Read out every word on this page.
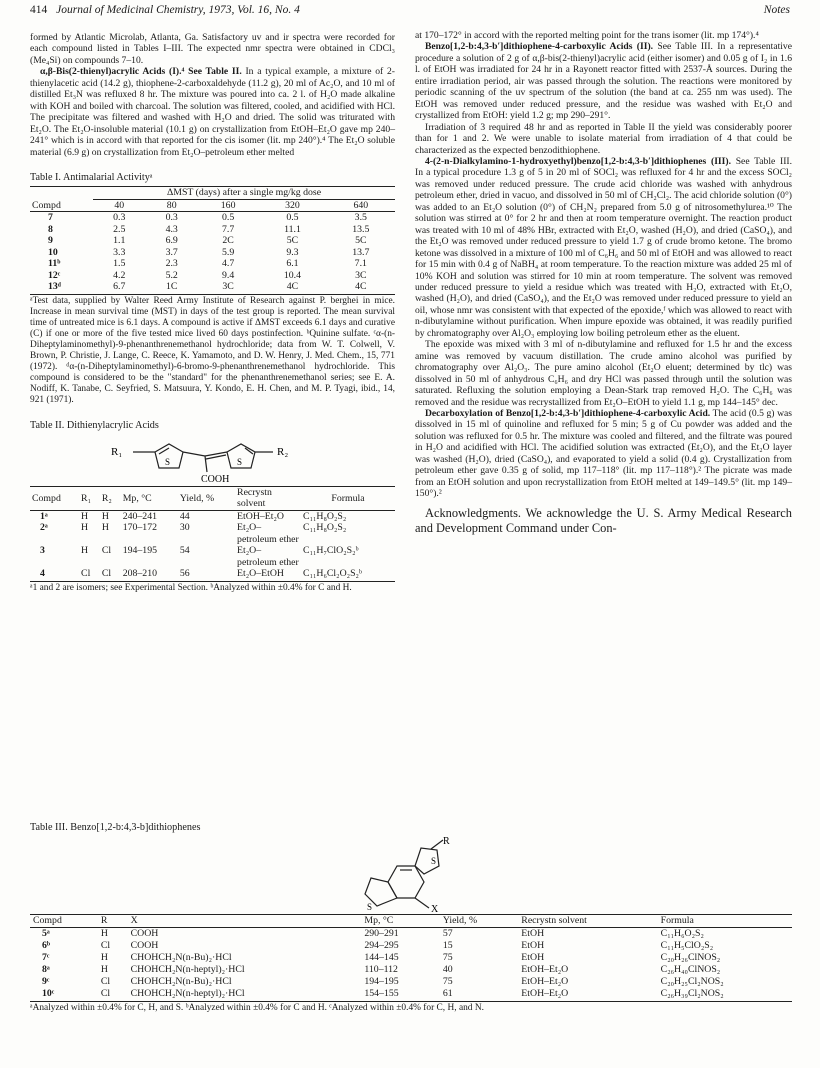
414 Journal of Medicinal Chemistry, 1973, Vol. 16, No. 4	Notes

formed by Atlantic Microlab, Atlanta, Ga. Satisfactory uv and ir spectra were recorded for each compound listed in Tables I–III. The expected nmr spectra were obtained in CDCl₃ (Me₄Si) on compounds 7–10.

α,β-Bis(2-thienyl)acrylic Acids (I).⁴ See Table II. In a typical example, a mixture of 2-thienylacetic acid (14.2 g), thiophene-2-carboxaldehyde (11.2 g), 20 ml of Ac₂O, and 10 ml of distilled Et₃N was refluxed 8 hr. The mixture was poured into ca. 2 l. of H₂O made alkaline with KOH and boiled with charcoal. The solution was filtered, cooled, and acidified with HCl. The precipitate was filtered and washed with H₂O and dried. The solid was triturated with Et₂O. The Et₂O-insoluble material (10.1 g) on crystallization from EtOH–Et₂O gave mp 240–241° which is in accord with that reported for the cis isomer (lit. mp 240°).⁴ The Et₂O soluble material (6.9 g) on crystallization from Et₂O–petroleum ether melted

Table I. Antimalarial Activityᵃ
	ΔMST (days) after a single mg/kg dose				
Compd	40	80	160	320	640
7	0.3	0.3	0.5	0.5	3.5
8	2.5	4.3	7.7	11.1	13.5
9	1.1	6.9	2C	5C	5C
10	3.3	3.7	5.9	9.3	13.7
11ᵇ	1.5	2.3	4.7	6.1	7.1
12ᶜ	4.2	5.2	9.4	10.4	3C
13ᵈ	6.7	1C	3C	4C	4C
ᵃTest data, supplied by Walter Reed Army Institute of Research against P. berghei in mice. Increase in mean survival time (MST) in days of the test group is reported. The mean survival time of untreated mice is 6.1 days. A compound is active if ΔMST exceeds 6.1 days and curative (C) if one or more of the five tested mice lived 60 days postinfection. ᵇQuinine sulfate. ᶜα-(n-Diheptylaminomethyl)-9-phenanthrenemethanol hydrochloride; data from W. T. Colwell, V. Brown, P. Christie, J. Lange, C. Reece, K. Yamamoto, and D. W. Henry, J. Med. Chem., 15, 771 (1972). ᵈα-(n-Diheptylaminomethyl)-6-bromo-9-phenanthrenemethanol hydrochloride. This compound is considered to be the "standard" for the phenanthrenemethanol series; see E. A. Nodiff, K. Tanabe, C. Seyfried, S. Matsuura, Y. Kondo, E. H. Chen, and M. P. Tyagi, ibid., 14, 921 (1971).
Table II. Dithienylacrylic Acids
R₁
S	S
R₂
COOH
Compd	R₁	R₂	Mp, °C	Yield, %	Recrystn solvent	Formula
1ᵃ	H	H	240–241	44	EtOH–Et₂O	C₁₁H₈O₂S₂
2ᵃ	H	H	170–172	30	Et₂O–petroleum ether	C₁₁H₈O₂S₂
3	H	Cl	194–195	54	Et₂O–petroleum ether	C₁₁H₇ClO₂S₂ᵇ
4	Cl	Cl	208–210	56	Et₂O–EtOH	C₁₁H₆Cl₂O₂S₂ᵇ
ᵃ1 and 2 are isomers; see Experimental Section. ᵇAnalyzed within ±0.4% for C and H.

at 170–172° in accord with the reported melting point for the trans isomer (lit. mp 174°).⁴

Benzo[1,2-b:4,3-b′]dithiophene-4-carboxylic Acids (II). See Table III. In a representative procedure a solution of 2 g of α,β-bis(2-thienyl)acrylic acid (either isomer) and 0.05 g of I₂ in 1.6 l. of EtOH was irradiated for 24 hr in a Rayonett reactor fitted with 2537-Å sources. During the entire irradiation period, air was passed through the solution. The reactions were monitored by periodic scanning of the uv spectrum of the solution (the band at ca. 255 nm was used). The EtOH was removed under reduced pressure, and the residue was washed with Et₂O and crystallized from EtOH: yield 1.2 g; mp 290–291°.

Irradiation of 3 required 48 hr and as reported in Table II the yield was considerably poorer than for 1 and 2. We were unable to isolate material from irradiation of 4 that could be characterized as the expected benzodithiophene.

4-(2-n-Dialkylamino-1-hydroxyethyl)benzo[1,2-b:4,3-b′]dithiophenes (III). See Table III. In a typical procedure 1.3 g of 5 in 20 ml of SOCl₂ was refluxed for 4 hr and the excess SOCl₂ was removed under reduced pressure. The crude acid chloride was washed with anhydrous petroleum ether, dried in vacuo, and dissolved in 50 ml of CH₂Cl₂. The acid chloride solution (0°) was added to an Et₂O solution (0°) of CH₂N₂ prepared from 5.0 g of nitrosomethylurea.¹⁰ The solution was stirred at 0° for 2 hr and then at room temperature overnight. The reaction product was treated with 10 ml of 48% HBr, extracted with Et₂O, washed (H₂O), and dried (CaSO₄), and the Et₂O was removed under reduced pressure to yield 1.7 g of crude bromo ketone. The bromo ketone was dissolved in a mixture of 100 ml of C₆H₆ and 50 ml of EtOH and was allowed to react for 15 min with 0.4 g of NaBH₄ at room temperature. To the reaction mixture was added 25 ml of 10% KOH and solution was stirred for 10 min at room temperature. The solvent was removed under reduced pressure to yield a residue which was treated with H₂O, extracted with Et₂O, washed (H₂O), and dried (CaSO₄), and the Et₂O was removed under reduced pressure to yield an oil, whose nmr was consistent with that expected of the epoxide,ᶠ which was allowed to react with n-dibutylamine without purification. When impure epoxide was obtained, it was readily purified by chromatography over Al₂O₃ employing low boiling petroleum ether as the eluent.

The epoxide was mixed with 3 ml of n-dibutylamine and refluxed for 1.5 hr and the excess amine was removed by vacuum distillation. The crude amino alcohol was purified by chromatography over Al₂O₃. The pure amino alcohol (Et₂O eluent; determined by tlc) was dissolved in 50 ml of anhydrous C₆H₆ and dry HCl was passed through until the solution was saturated. Refluxing the solution employing a Dean-Stark trap removed H₂O. The C₆H₆ was removed and the residue was recrystallized from Et₂O–EtOH to yield 1.1 g, mp 144–145° dec.

Decarboxylation of Benzo[1,2-b:4,3-b′]dithiophene-4-carboxylic Acid. The acid (0.5 g) was dissolved in 15 ml of quinoline and refluxed for 5 min; 5 g of Cu powder was added and the solution was refluxed for 0.5 hr. The mixture was cooled and filtered, and the filtrate was poured in H₂O and acidified with HCl. The acidified solution was extracted (Et₂O), and the Et₂O layer was washed (H₂O), dried (CaSO₄), and evaporated to yield a solid (0.4 g). Crystallization from petroleum ether gave 0.35 g of solid, mp 117–118° (lit. mp 117–118°).² The picrate was made from an EtOH solution and upon recrystallization from EtOH melted at 149–149.5° (lit. mp 149–150°).²

Acknowledgments. We acknowledge the U. S. Army Medical Research and Development Command under Con-
Table III. Benzo[1,2-b:4,3-b]dithiophenes
R
S
S	X
Compd	R	X	Mp, °C	Yield, %	Recrystn solvent	Formula
5ᵃ	H	COOH	290–291	57	EtOH	C₁₁H₆O₂S₂
6ᵇ	Cl	COOH	294–295	15	EtOH	C₁₁H₅ClO₂S₂
7ᶜ	H	CHOHCH₂N(n-Bu)₂·HCl	144–145	75	EtOH	C₂₀H₂₆ClNOS₂
8ᵃ	H	CHOHCH₂N(n-heptyl)₂·HCl	110–112	40	EtOH–Et₂O	C₂₆H₄₀ClNOS₂
9ᶜ	Cl	CHOHCH₂N(n-Bu)₂·HCl	194–195	75	EtOH–Et₂O	C₂₀H₂₅Cl₂NOS₂
10ᶜ	Cl	CHOHCH₂N(n-heptyl)₂·HCl	154–155	61	EtOH–Et₂O	C₂₆H₃₉Cl₂NOS₂
ᵃAnalyzed within ±0.4% for C, H, and S. ᵇAnalyzed within ±0.4% for C and H. ᶜAnalyzed within ±0.4% for C, H, and N.
